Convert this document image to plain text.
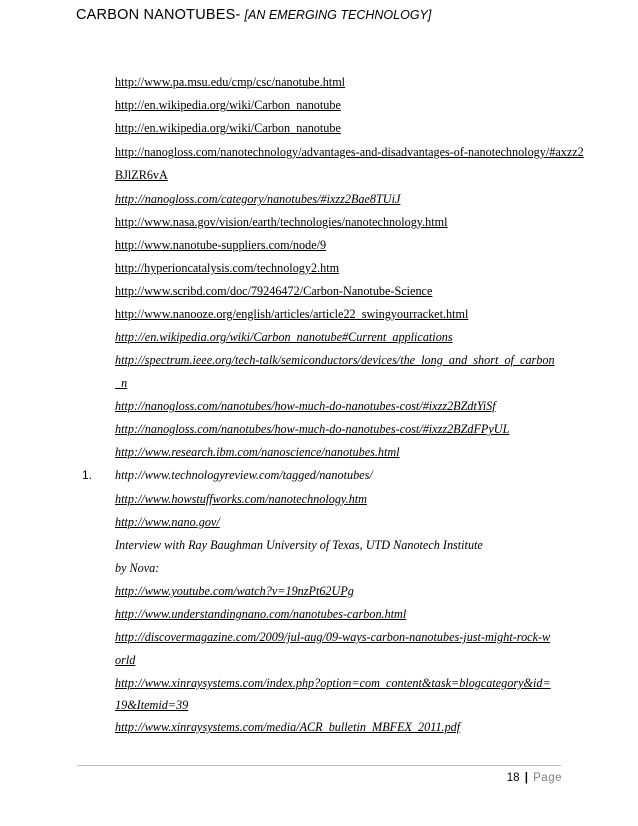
CARBON NANOTUBES- [AN EMERGING TECHNOLOGY]
http://www.pa.msu.edu/cmp/csc/nanotube.html
http://en.wikipedia.org/wiki/Carbon_nanotube
http://en.wikipedia.org/wiki/Carbon_nanotube
http://nanogloss.com/nanotechnology/advantages-and-disadvantages-of-nanotechnology/#axzz2
BJlZR6vA
http://nanogloss.com/category/nanotubes/#ixzz2Bae8TUiJ
http://www.nasa.gov/vision/earth/technologies/nanotechnology.html
http://www.nanotube-suppliers.com/node/9
http://hyperioncatalysis.com/technology2.htm
http://www.scribd.com/doc/79246472/Carbon-Nanotube-Science
http://www.nanooze.org/english/articles/article22_swingyourracket.html
http://en.wikipedia.org/wiki/Carbon_nanotube#Current_applications
http://spectrum.ieee.org/tech-talk/semiconductors/devices/the_long_and_short_of_carbon
_n
http://nanogloss.com/nanotubes/how-much-do-nanotubes-cost/#ixzz2BZdtYiSf
http://nanogloss.com/nanotubes/how-much-do-nanotubes-cost/#ixzz2BZdFPyUL
http://www.research.ibm.com/nanoscience/nanotubes.html
1. http://www.technologyreview.com/tagged/nanotubes/
http://www.howstuffworks.com/nanotechnology.htm
http://www.nano.gov/
Interview with Ray Baughman University of Texas, UTD Nanotech Institute
by Nova:
http://www.youtube.com/watch?v=19nzPt62UPg
http://www.understandingnano.com/nanotubes-carbon.html
http://discovermagazine.com/2009/jul-aug/09-ways-carbon-nanotubes-just-might-rock-w
orld
http://www.xinraysystems.com/index.php?option=com_content&task=blogcategory&id=
19&Itemid=39
http://www.xinraysystems.com/media/ACR_bulletin_MBFEX_2011.pdf
18 | Page
